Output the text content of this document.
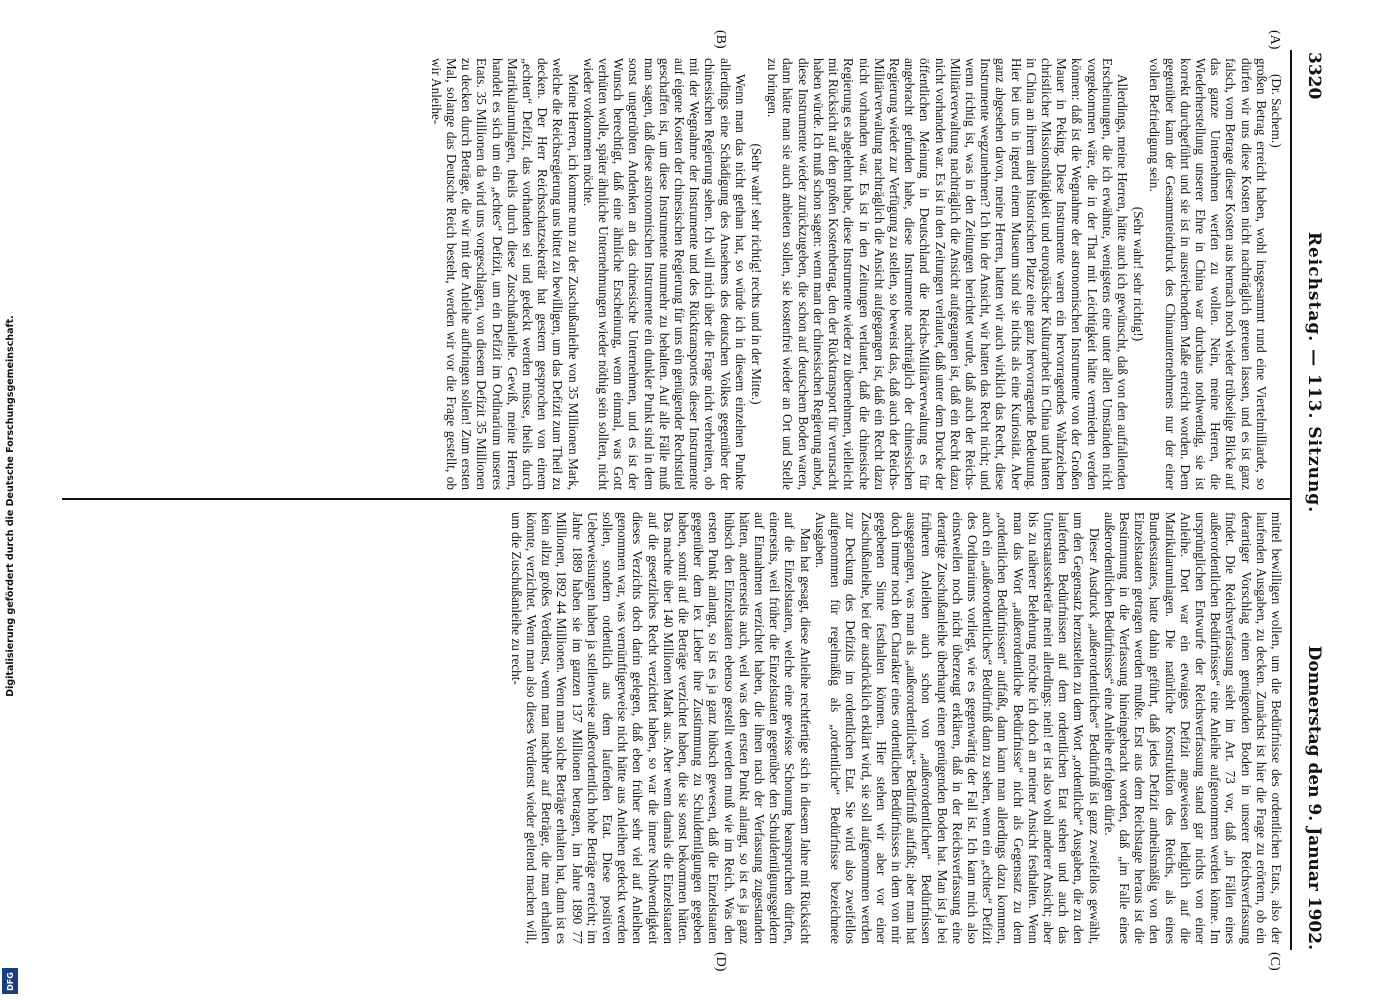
3320
Reichstag. — 113. Sitzung.
Donnerstag den 9. Januar 1902.
(A)
(B)
(C)
(D)

(Dr. Sachem.)

großen Betrag erreicht haben, wohl insgesammt rund eine Viertelmilliarde, so dürfen wir uns diese Kosten nicht nachträglich gereuen lassen, und es ist ganz falsch, vom Betrage dieser Kosten aus hernach noch wieder trübselige Blicke auf das ganze Unternehmen werfen zu wollen. Nein, meine Herren, die Wiederherstellung unserer Ehre in China war durchaus nothwendig, sie ist korrekt durchgeführt und sie ist in ausreichendem Maße erreicht worden. Dem gegenüber kann der Gesammteindruck des Chinaunternehmens nur der einer vollen Befriedigung sein.

(Sehr wahr! sehr richtig!)

Allerdings, meine Herren, hätte auch ich gewünscht, daß von den auffallenden Erscheinungen, die ich erwähnte, wenigstens eine unter allen Umständen nicht vorgekommen wäre, die in der That mit Leichtigkeit hätte vermieden werden können: daß ist die Wegnahme der astronomischen Instrumente von der Großen Mauer in Peking. Diese Instrumente waren ein hervorragendes Wahrzeichen christlicher Missionsthätigkeit und europäischer Kulturarbeit in China und hatten in China an ihrem alten historischen Platze eine ganz hervorragende Bedeutung. Hier bei uns in irgend einem Museum sind sie nichts als eine Kuriosität. Aber ganz abgesehen davon, meine Herren, hatten wir auch wirklich das Recht, diese Instrumente wegzunehmen? Ich bin der Ansicht, wir hatten das Recht nicht; und wenn richtig ist, was in den Zeitungen berichtet wurde, daß auch der Reichs-Militärverwaltung nachträglich die Ansicht aufgegangen ist, daß ein Recht dazu nicht vorhanden war. Es ist in den Zeitungen verlautet, daß unter dem Drucke der öffentlichen Meinung in Deutschland die Reichs-Militärverwaltung es für angebracht gefunden habe, diese Instrumente nachträglich der chinesischen Regierung wieder zur Verfügung zu stellen, so beweist das, daß auch der Reichs-Militärverwaltung nachträglich die Ansicht aufgegangen ist, daß ein Recht dazu nicht vorhanden war. Es ist in den Zeitungen verlautet, daß die chinesische Regierung es abgelehnt habe, diese Instrumente wieder zu übernehmen, vielleicht mit Rücksicht auf den großen Kostenbetrag, den der Rücktransport für verursacht haben würde. Ich muß schon sagen: wenn man der chinesischen Regierung anbot, diese Instrumente wieder zurückzugeben, die schon auf deutschem Boden waren, dann hätte man sie auch anbieten sollen, sie kostenfrei wieder an Ort und Stelle zu bringen.

(Sehr wahr! sehr richtig! rechts und in der Mitte.)

Wenn man das nicht gethan hat, so würde ich in diesem einzelnen Punkte allerdings eine Schädigung des Ansehens des deutschen Volkes gegenüber der chinesischen Regierung sehen. Ich will mich über die Frage nicht verbreiten, ob mit der Wegnahme der Instrumente und des Rücktransportes dieser Instrumente auf eigene Kosten der chinesischen Regierung für uns ein genügender Rechtstitel geschaffen ist, um diese Instrumente nunmehr zu behalten. Auf alle Fälle muß man sagen, daß diese astronomischen Instrumente ein dunkler Punkt sind in dem sonst ungetrübten Andenken an das chinesische Unternehmen, und es ist der Wunsch berechtigt, daß eine ähnliche Erscheinung, wenn einmal, was Gott verhüten wolle, später ähnliche Unternehmungen wieder nöthig sein sollten, nicht wieder vorkommen möchte.

Meine Herren, ich komme nun zu der Zuschußanleihe von 35 Millionen Mark, welche die Reichsregierung uns bittet zu bewilligen, um das Defizit zum Theil zu decken. Der Herr Reichsschatzsekretär hat gestern gesprochen von einem „echten“ Defizit, das vorhanden sei und gedeckt werden müsse, theils durch Matrikularumlagen, theils durch diese Zuschußanleihe. Gewiß, meine Herren, handelt es sich um ein „echtes“ Defizit, um ein Defizit im Ordinarium unseres Etats. 35 Millionen da wird uns vorgeschlagen, von diesem Defizit 35 Millionen zu decken durch Beträge, die wir mit der Anleihe aufbringen sollen! Zum ersten Mal, solange das Deutsche Reich besteht, werden wir vor die Frage gestellt, ob wir Anleihe-

mittel bewilligen wollen, um die Bedürfnisse des ordentlichen Etats, also der laufenden Ausgaben, zu decken. Zunächst ist hier die Frage zu erörtern, ob ein derartiger Vorschlag einen genügenden Boden in unserer Reichsverfassung findet. Die Reichsverfassung sieht im Art. 73 vor, daß „in Fällen eines außerordentlichen Bedürfnisses“ eine Anleihe aufgenommen werden könne. Im ursprünglichen Entwurfe der Reichsverfassung stand gar nichts von einer Anleihe. Dort war ein etwaiges Defizit angewiesen lediglich auf die Matrikularumlagen. Die natürliche Konstruktion des Reichs, als eines Bundesstaates, hatte dahin geführt, daß jedes Defizit antheilsmäßig von den Einzelstaaten getragen werden mußte. Erst aus dem Reichstage heraus ist die Bestimmung in die Verfassung hineingebracht worden, daß „im Falle eines außerordentlichen Bedürfnisses“ eine Anleihe erfolgen dürfe.

Dieser Ausdruck „außerordentliches“ Bedürfniß ist ganz zweifellos gewählt, um den Gegensatz herzustellen zu dem Wort „ordentliche“ Ausgaben, die zu den laufenden Bedürfnissen auf dem ordentlichen Etat stehen und auch das Unterstaatssekretär meint allerdings: nein! er ist also wohl anderer Ansicht; aber bis zu näherer Belehrung möchte ich doch an meiner Ansicht festhalten. Wenn man das Wort „außerordentliche Bedürfnisse“ nicht als Gegensatz zu dem „ordentlichen Bedürfnissen“ auffaßt, dann kann man allerdings dazu kommen, auch ein „außerordentliches“ Bedürfniß dann zu sehen, wenn ein „echtes“ Defizit des Ordinariums vorliegt, wie es gegenwärtig der Fall ist. Ich kann mich also einstweilen noch nicht überzeugt erklären, daß in der Reichsverfassung eine derartige Zuschußanleihe überhaupt einen genügenden Boden hat. Man ist ja bei früheren Anleihen auch schon von „außerordentlichen“ Bedürfnissen ausgegangen, was man als „außerordentliches“ Bedürfniß auffaßt; aber man hat doch immer noch den Charakter eines ordentlichen Bedürfnisses in dem von mir gegebenen Sinne festhalten können. Hier stehen wir aber vor einer Zuschußanleihe, bei der ausdrücklich erklärt wird, sie soll aufgenommen werden zur Deckung des Defizits im ordentlichen Etat. Sie wird also zweifellos aufgenommen für regelmäßig als „ordentliche“ Bedürfnisse bezeichnete Ausgaben.

Man hat gesagt, diese Anleihe rechtfertige sich in diesem Jahre mit Rücksicht auf die Einzelstaaten, welche eine gewisse Schonung beanspruchen dürften, einerseits, weil früher die Einzelstaaten gegenüber den Schuldentilgungsgeldern auf Einnahmen verzichtet haben, die ihnen nach der Verfassung zugestanden hätten, andererseits auch, weil was den ersten Punkt anlangt, so ist es ja ganz hübsch den Einzelstaaten ebenso gestellt werden muß wie im Reich. Was den ersten Punkt anlangt, so ist es ja ganz hübsch gewesen, daß die Einzelstaaten gegenüber dem lex Lieber ihre Zustimmung zu Schuldentilgungen gegeben haben, somit auf die Beträge verzichtet haben, die sie sonst bekommen hätten. Das machte über 140 Millionen Mark aus. Aber wenn damals die Einzelstaaten auf die gesetzliches Recht verzichtet haben, so war die innere Nothwendigkeit dieses Verzichts doch darin gelegen, daß eben früher sehr viel auf Anleihen genommen war, was vernünftigerweise nicht hätte aus Anleihen gedeckt werden sollen, sondern ordentlich aus dem laufenden Etat. Diese positiven Ueberweisungen haben ja stellenweise außerordentlich hohe Beträge erreicht; im Jahre 1889 haben sie im ganzen 137 Millionen betragen, im Jahre 1890 77 Millionen, 1892 44 Millionen. Wenn man solche Beträge erhalten hat, dann ist es kein allzu großes Verdienst, wenn man nachher auf Beträge, die man erhalten könnte, verzichtet. Wenn man also dieses Verdienst wieder geltend machen will, um die Zuschußanleihe zu recht-

Digitalisierung gefördert durch die Deutsche Forschungsgemeinschaft.
DFG
